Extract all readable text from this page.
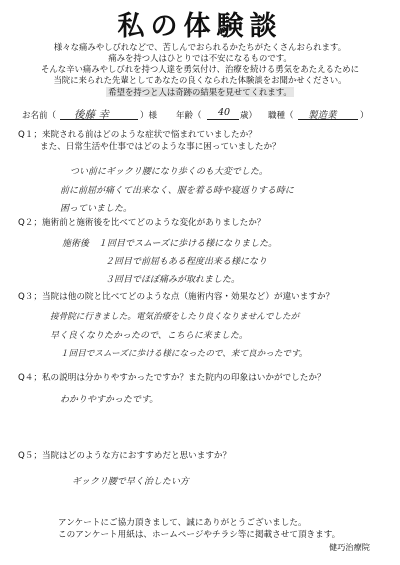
私の体験談
様々な痛みやしびれなどで、苦しんでおられるかたちがたくさんおられます。
痛みを持つ人はひとりでは不安になるものです。
そんな辛い痛みやしびれを持つ人達を勇気付け、治療を続ける勇気をあたえるために
当院に来られた先輩としてあなたの良くなられた体験談をお聞かせください。
希望を持つと人は奇跡の結果を見せてくれます。
お名前（ 後藤 幸	）様 年齢（ 40 歳） 職種（ 製造業	）
Q１；来院される前はどのような症状で悩まれていましたか？
また、日常生活や仕事ではどのような事に困っていましたか？
つい前にギックリ腰になり歩くのも大変でした。
前に前屈が痛くて出来なく、服を着る時や寝返りする時に
困っていました。
Q２；施術前と施術後を比べてどのような変化がありましたか？
施術後　１回目でスムーズに歩ける様になりました。
２回目で前屈もある程度出来る様になり
３回目でほぼ痛みが取れました。
Q３；当院は他の院と比べてどのような点（施術内容・効果など）が違いますか？
接骨院に行きました。電気治療をしたり良くなりませんでしたが
早く良くなりたかったので、こちらに来ました。
１回目でスムーズに歩ける様になったので、来て良かったです。
Q４；私の説明は分かりやすかったですか？また院内の印象はいかがでしたか？
わかりやすかったです。
Q５；当院はどのような方におすすめだと思いますか？
ギックリ腰で早く治したい方
アンケートにご協力頂きまして、誠にありがとうございました。
このアンケート用紙は、ホームページやチラシ等に掲載させて頂きます。
健巧治療院
